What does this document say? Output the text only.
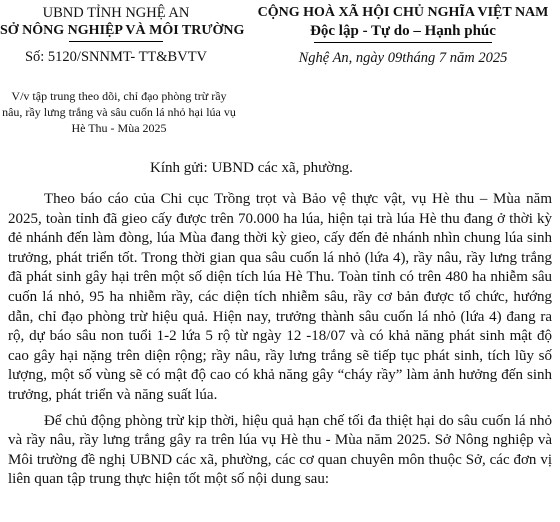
UBND TỈNH NGHỆ AN
SỞ NÔNG NGHIỆP VÀ MÔI TRƯỜNG
Số: 5120/SNNMT- TT&BVTV
CỘNG HOÀ XÃ HỘI CHỦ NGHĨA VIỆT NAM
Độc lập - Tự do – Hạnh phúc
Nghệ An, ngày 09tháng 7 năm 2025
V/v tập trung theo dõi, chỉ đạo phòng trừ rầy nâu, rầy lưng trắng và sâu cuốn lá nhỏ hại lúa vụ Hè Thu - Mùa 2025
Kính gửi: UBND các xã, phường.

Theo báo cáo của Chi cục Trồng trọt và Bảo vệ thực vật, vụ Hè thu – Mùa năm 2025, toàn tỉnh đã gieo cấy được trên 70.000 ha lúa, hiện tại trà lúa Hè thu đang ở thời kỳ đẻ nhánh đến làm đòng, lúa Mùa đang thời kỳ gieo, cấy đến đẻ nhánh nhìn chung lúa sinh trưởng, phát triển tốt. Trong thời gian qua sâu cuốn lá nhỏ (lứa 4), rầy nâu, rầy lưng trắng đã phát sinh gây hại trên một số diện tích lúa Hè Thu. Toàn tỉnh có trên 480 ha nhiễm sâu cuốn lá nhỏ, 95 ha nhiễm rầy, các diện tích nhiễm sâu, rầy cơ bản được tổ chức, hướng dẫn, chỉ đạo phòng trừ hiệu quả. Hiện nay, trưởng thành sâu cuốn lá nhỏ (lứa 4) đang ra rộ, dự báo sâu non tuổi 1-2 lứa 5 rộ từ ngày 12 -18/07 và có khả năng phát sinh mật độ cao gây hại nặng trên diện rộng; rầy nâu, rầy lưng trắng sẽ tiếp tục phát sinh, tích lũy số lượng, một số vùng sẽ có mật độ cao có khả năng gây “cháy rầy” làm ảnh hưởng đến sinh trưởng, phát triển và năng suất lúa.

Để chủ động phòng trừ kịp thời, hiệu quả hạn chế tối đa thiệt hại do sâu cuốn lá nhỏ và rầy nâu, rầy lưng trắng gây ra trên lúa vụ Hè thu - Mùa năm 2025. Sở Nông nghiệp và Môi trường đề nghị UBND các xã, phường, các cơ quan chuyên môn thuộc Sở, các đơn vị liên quan tập trung thực hiện tốt một số nội dung sau:
